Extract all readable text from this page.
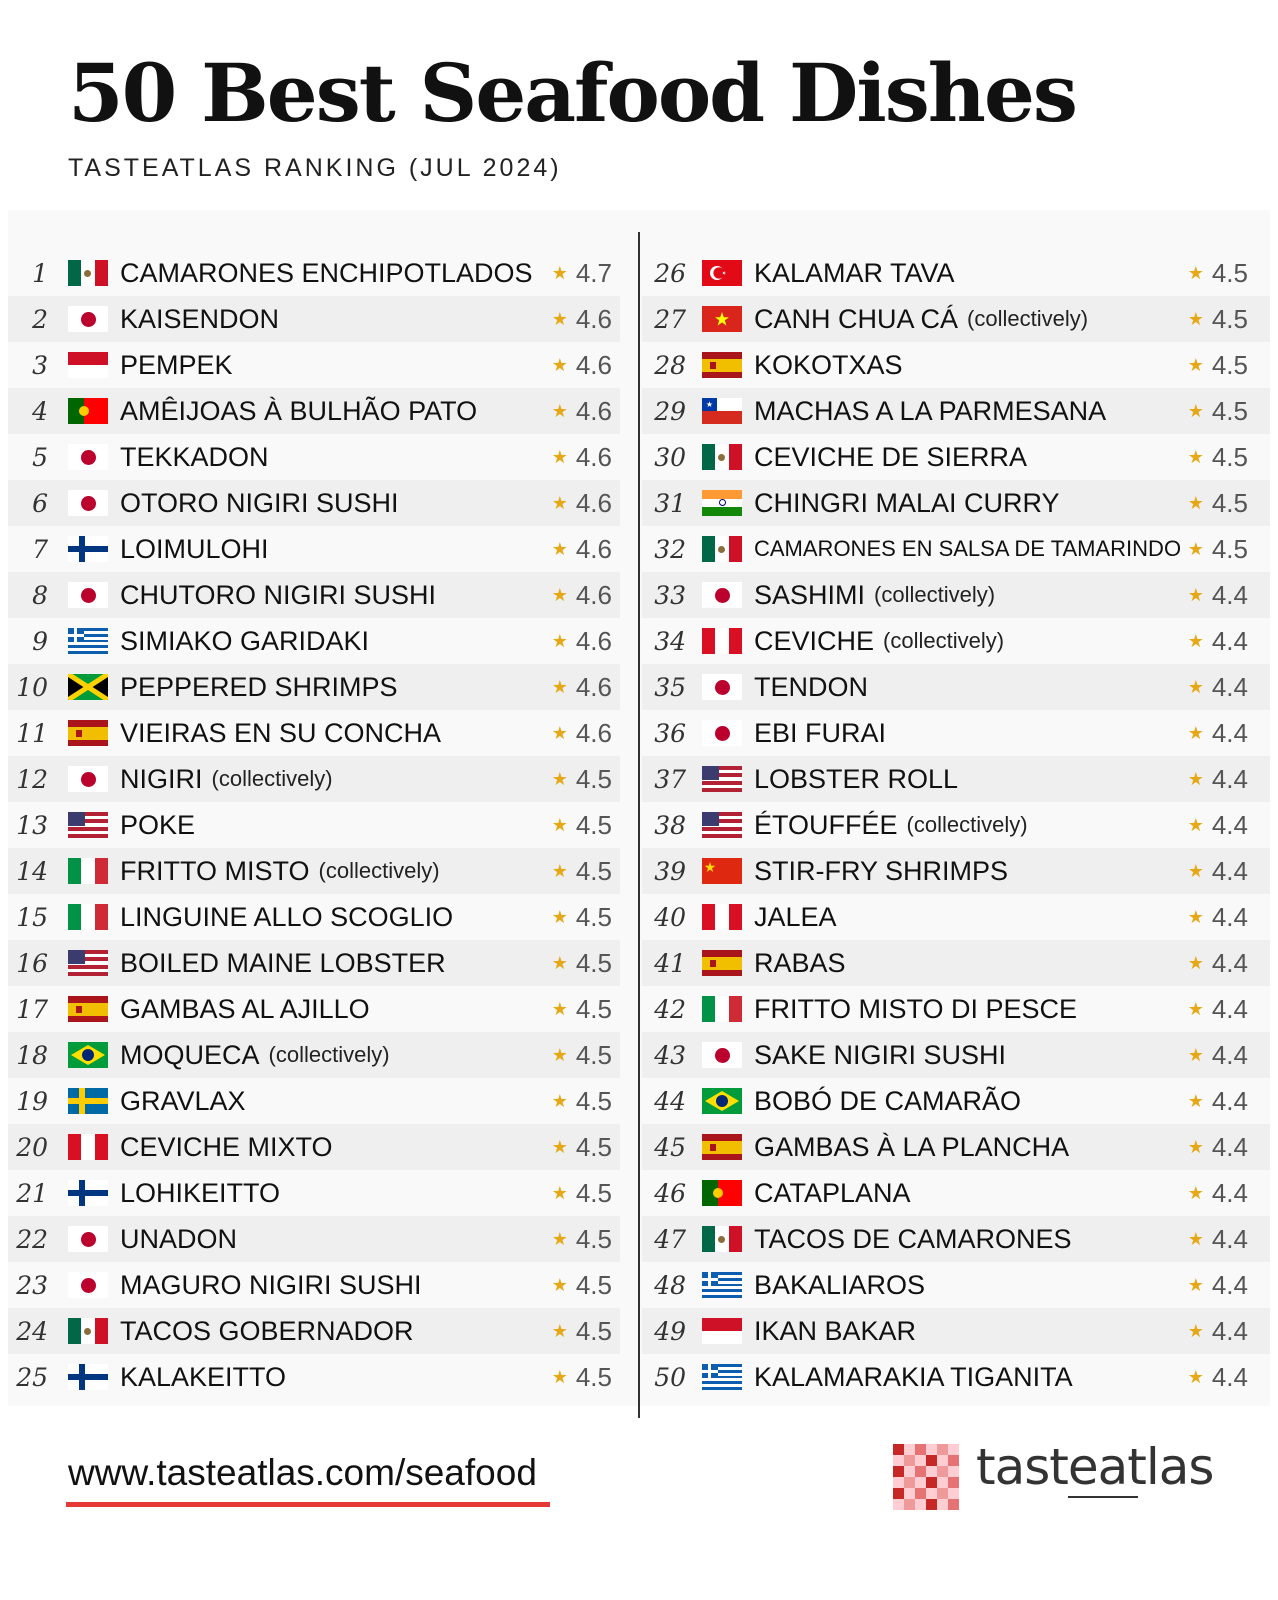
50 Best Seafood Dishes
TASTEATLAS RANKING (JUL 2024)
1	CAMARONES ENCHIPOTLADOS ★ 4.7
2	KAISENDON	★ 4.6
3	PEMPEK	★ 4.6
4	AMÊIJOAS À BULHÃO PATO	★ 4.6
5	TEKKADON	★ 4.6
6	OTORO NIGIRI SUSHI	★ 4.6
7	LOIMULOHI	★ 4.6
8	CHUTORO NIGIRI SUSHI	★ 4.6
9	SIMIAKO GARIDAKI	★ 4.6
10	PEPPERED SHRIMPS	★ 4.6
11	VIEIRAS EN SU CONCHA	★ 4.6
12	NIGIRI (collectively)	★ 4.5
13	POKE	★ 4.5
14	FRITTO MISTO (collectively)	★ 4.5
15	LINGUINE ALLO SCOGLIO	★ 4.5
16	BOILED MAINE LOBSTER	★ 4.5
17	GAMBAS AL AJILLO	★ 4.5
18	MOQUECA (collectively)	★ 4.5
19	GRAVLAX	★ 4.5
20	CEVICHE MIXTO	★ 4.5
21	LOHIKEITTO	★ 4.5
22	UNADON	★ 4.5
23	MAGURO NIGIRI SUSHI	★ 4.5
24	TACOS GOBERNADOR	★ 4.5
25	KALAKEITTO	★ 4.5
26	KALAMAR TAVA	★ 4.5
27	CANH CHUA CÁ (collectively)	★ 4.5
28	KOKOTXAS	★ 4.5
29	★ MACHAS A LA PARMESANA	★ 4.5
30	CEVICHE DE SIERRA	★ 4.5
31	CHINGRI MALAI CURRY	★ 4.5
32	CAMARONES EN SALSA DE TAMARINDO ★ 4.5
33	SASHIMI (collectively)	★ 4.4
34	CEVICHE (collectively)	★ 4.4
35	TENDON	★ 4.4
36	EBI FURAI	★ 4.4
37	LOBSTER ROLL	★ 4.4
38	ÉTOUFFÉE (collectively)	★ 4.4
39	STIR-FRY SHRIMPS	★ 4.4
40	JALEA	★ 4.4
41	RABAS	★ 4.4
42	FRITTO MISTO DI PESCE	★ 4.4
43	SAKE NIGIRI SUSHI	★ 4.4
44	BOBÓ DE CAMARÃO	★ 4.4
45	GAMBAS À LA PLANCHA	★ 4.4
46	CATAPLANA	★ 4.4
47	TACOS DE CAMARONES	★ 4.4
48	BAKALIAROS	★ 4.4
49	IKAN BAKAR	★ 4.4
50	KALAMARAKIA TIGANITA	★ 4.4
www.tasteatlas.com/seafood	tasteatlas
